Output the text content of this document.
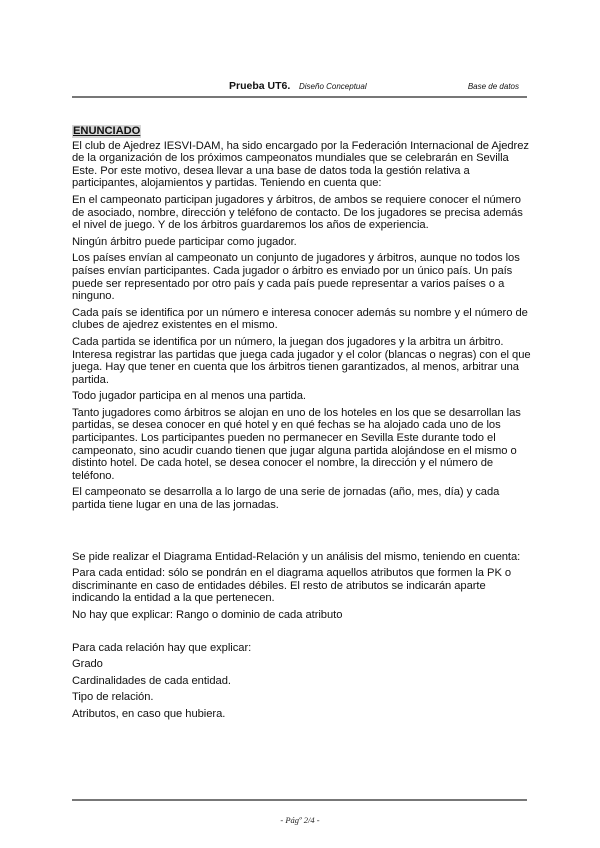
Prueba UT6. Diseño Conceptual	Base de datos
ENUNCIADO

El club de Ajedrez IESVI-DAM, ha sido encargado por la Federación Internacional de Ajedrez de la organización de los próximos campeonatos mundiales que se celebrarán en Sevilla Este. Por este motivo, desea llevar a una base de datos toda la gestión relativa a participantes, alojamientos y partidas. Teniendo en cuenta que:

En el campeonato participan jugadores y árbitros, de ambos se requiere conocer el número de asociado, nombre, dirección y teléfono de contacto. De los jugadores se precisa además el nivel de juego. Y de los árbitros guardaremos los años de experiencia.

Ningún árbitro puede participar como jugador.

Los países envían al campeonato un conjunto de jugadores y árbitros, aunque no todos los países envían participantes. Cada jugador o árbitro es enviado por un único país. Un país puede ser representado por otro país y cada país puede representar a varios países o a ninguno.

Cada país se identifica por un número e interesa conocer además su nombre y el número de clubes de ajedrez existentes en el mismo.

Cada partida se identifica por un número, la juegan dos jugadores y la arbitra un árbitro. Interesa registrar las partidas que juega cada jugador y el color (blancas o negras) con el que juega. Hay que tener en cuenta que los árbitros tienen garantizados, al menos, arbitrar una partida.

Todo jugador participa en al menos una partida.

Tanto jugadores como árbitros se alojan en uno de los hoteles en los que se desarrollan las partidas, se desea conocer en qué hotel y en qué fechas se ha alojado cada uno de los participantes. Los participantes pueden no permanecer en Sevilla Este durante todo el campeonato, sino acudir cuando tienen que jugar alguna partida alojándose en el mismo o distinto hotel. De cada hotel, se desea conocer el nombre, la dirección y el número de teléfono.

El campeonato se desarrolla a lo largo de una serie de jornadas (año, mes, día) y cada partida tiene lugar en una de las jornadas.

Se pide realizar el Diagrama Entidad-Relación y un análisis del mismo, teniendo en cuenta:

Para cada entidad: sólo se pondrán en el diagrama aquellos atributos que formen la PK o discriminante en caso de entidades débiles. El resto de atributos se indicarán aparte indicando la entidad a la que pertenecen.

No hay que explicar: Rango o dominio de cada atributo

Para cada relación hay que explicar:

Grado

Cardinalidades de cada entidad.

Tipo de relación.

Atributos, en caso que hubiera.

- Págº 2/4 -
